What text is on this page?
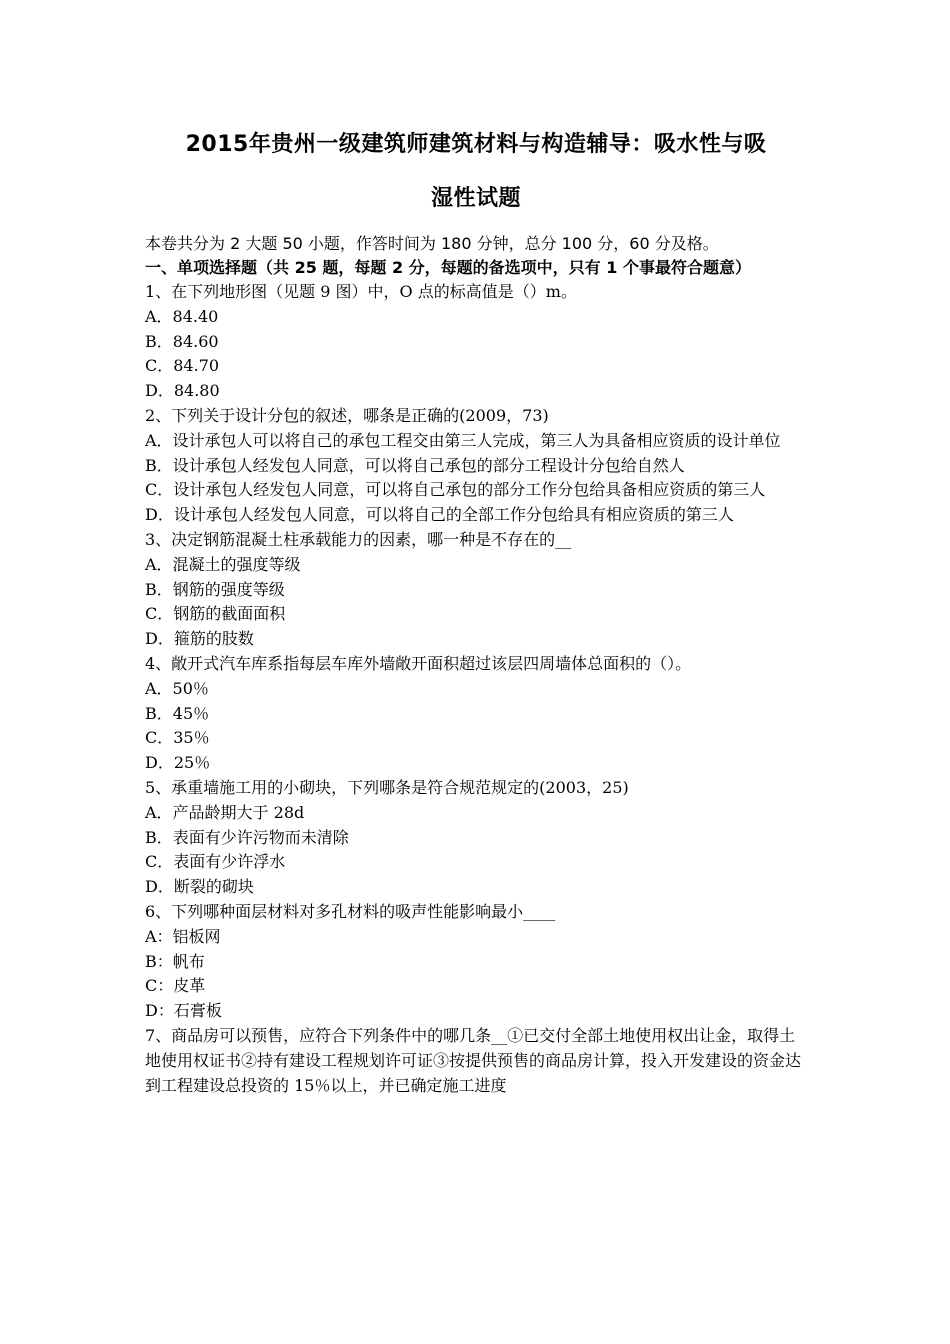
2015年贵州一级建筑师建筑材料与构造辅导：吸水性与吸
湿性试题

本卷共分为 2 大题 50 小题，作答时间为 180 分钟，总分 100 分，60 分及格。

一、单项选择题（共 25 题，每题 2 分，每题的备选项中，只有 1 个事最符合题意）

1、在下列地形图（见题 9 图）中，O 点的标高值是（）m。

A．84.40

B．84.60

C．84.70

D．84.80

2、下列关于设计分包的叙述，哪条是正确的(2009，73)

A．设计承包人可以将自己的承包工程交由第三人完成，第三人为具备相应资质的设计单位

B．设计承包人经发包人同意，可以将自己承包的部分工程设计分包给自然人

C．设计承包人经发包人同意，可以将自己承包的部分工作分包给具备相应资质的第三人

D．设计承包人经发包人同意，可以将自己的全部工作分包给具有相应资质的第三人

3、决定钢筋混凝土柱承载能力的因素，哪一种是不存在的__

A．混凝土的强度等级

B．钢筋的强度等级

C．钢筋的截面面积

D．箍筋的肢数

4、敞开式汽车库系指每层车库外墙敞开面积超过该层四周墙体总面积的（）。

A．50％

B．45％

C．35％

D．25％

5、承重墙施工用的小砌块，下列哪条是符合规范规定的(2003，25)

A．产品龄期大于 28d

B．表面有少许污物而未清除

C．表面有少许浮水

D．断裂的砌块

6、下列哪种面层材料对多孔材料的吸声性能影响最小____

A：铝板网

B：帆布

C：皮革

D：石膏板

7、商品房可以预售，应符合下列条件中的哪几条__①已交付全部土地使用权出让金，取得土地使用权证书②持有建设工程规划许可证③按提供预售的商品房计算，投入开发建设的资金达到工程建设总投资的 15％以上，并已确定施工进度
